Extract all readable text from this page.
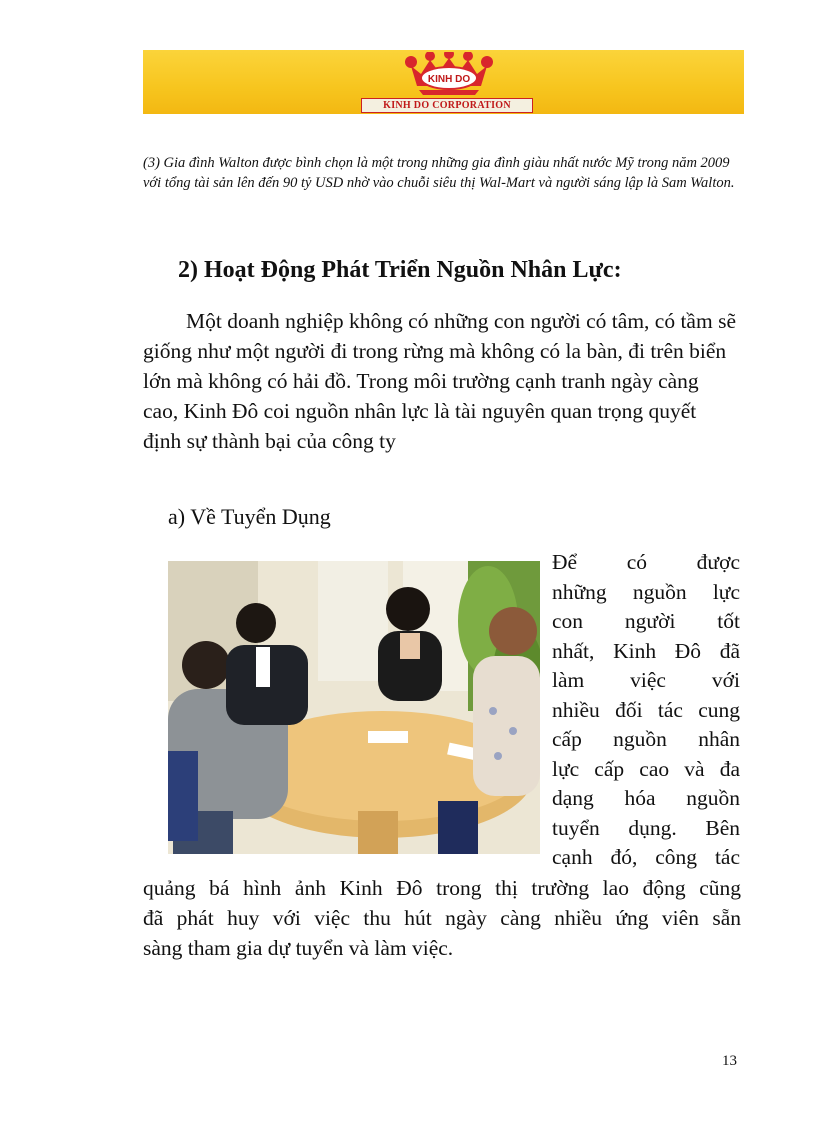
KINH DO
KINH DO CORPORATION
(3) Gia đình Walton được bình chọn là một trong những gia đình giàu nhất nước Mỹ trong năm 2009 với tổng tài sản lên đến 90 tỷ USD nhờ vào chuỗi siêu thị Wal-Mart và người sáng lập là Sam Walton.
2) Hoạt Động Phát Triển Nguồn Nhân Lực:
Một doanh nghiệp không có những con người có tâm, có tầm sẽ giống như một người đi trong rừng mà không có la bàn, đi trên biển lớn mà không có hải đồ. Trong môi trường cạnh tranh ngày càng cao, Kinh Đô coi nguồn nhân lực là tài nguyên quan trọng quyết định sự thành bại của công ty
a) Về Tuyển Dụng
Để có được
những nguồn lực
con người tốt
nhất, Kinh Đô đã
làm việc với
nhiều đối tác cung
cấp nguồn nhân
lực cấp cao và đa
dạng hóa nguồn
tuyển dụng. Bên
cạnh đó, công tác
quảng bá hình ảnh Kinh Đô trong thị trường lao động cũng
đã phát huy với việc thu hút ngày càng nhiều ứng viên sẵn
sàng tham gia dự tuyển và làm việc.
13
